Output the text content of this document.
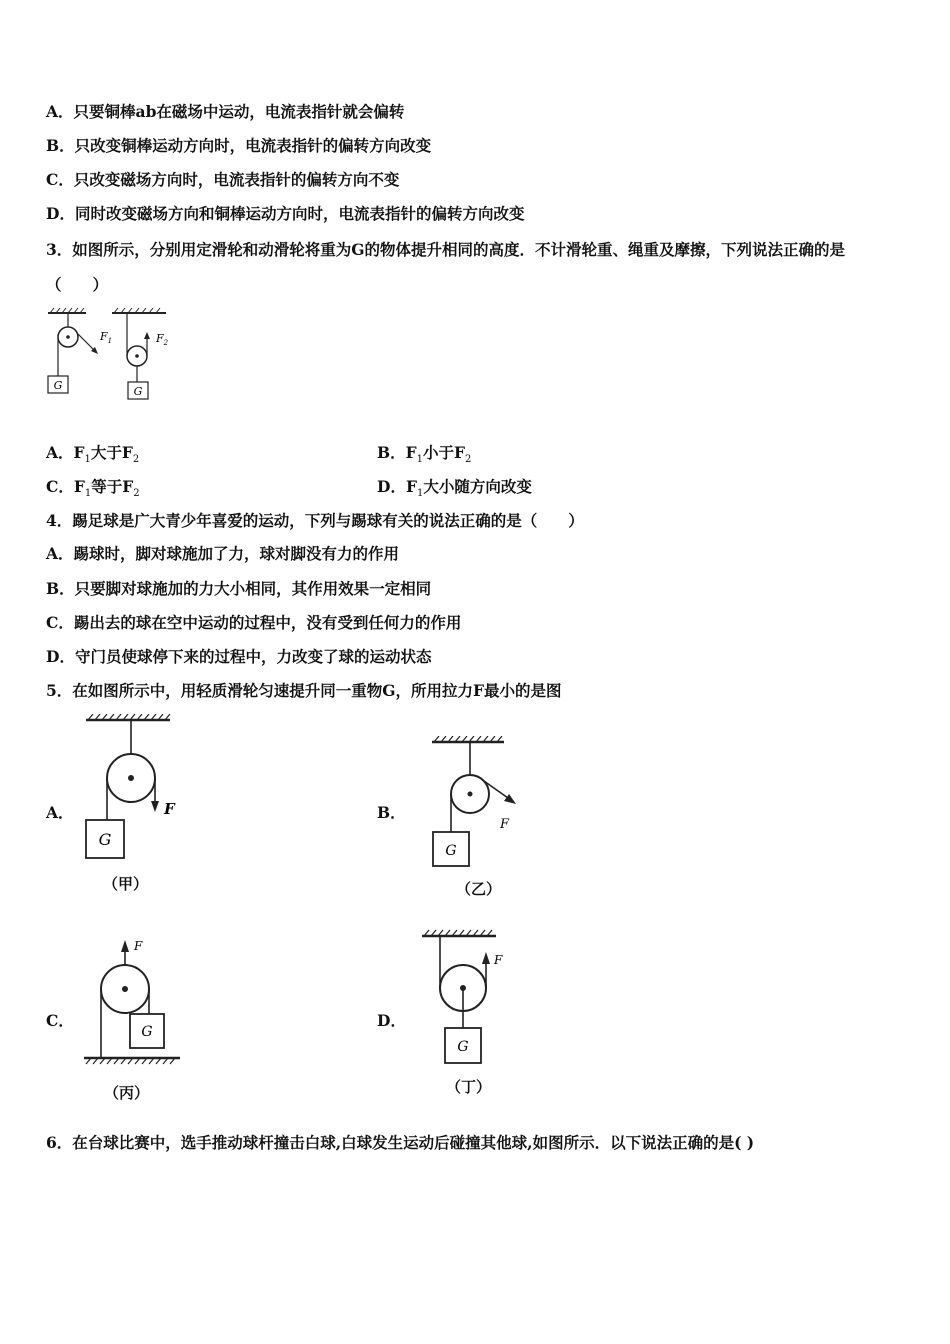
A．只要铜棒ab在磁场中运动，电流表指针就会偏转
B．只改变铜棒运动方向时，电流表指针的偏转方向改变
C．只改变磁场方向时，电流表指针的偏转方向不变
D．同时改变磁场方向和铜棒运动方向时，电流表指针的偏转方向改变
3．如图所示，分别用定滑轮和动滑轮将重为G的物体提升相同的高度．不计滑轮重、绳重及摩擦，下列说法正确的是
（　　）
$F_1$
G
$F_2$
G
A．$F_1$大于$F_2$	B．$F_1$小于$F_2$
C．$F_1$等于$F_2$	D．$F_1$大小随方向改变
4．踢足球是广大青少年喜爱的运动，下列与踢球有关的说法正确的是（　　）
A．踢球时，脚对球施加了力，球对脚没有力的作用
B．只要脚对球施加的力大小相同，其作用效果一定相同
C．踢出去的球在空中运动的过程中，没有受到任何力的作用
D．守门员使球停下来的过程中，力改变了球的运动状态
5．在如图所示中，用轻质滑轮匀速提升同一重物G，所用拉力F最小的是图
A．	F
G
（甲）
B．
F
G
（乙）
C．
F
G
（丙）
D．
F
G
（丁）
6．在台球比赛中，选手推动球杆撞击白球,白球发生运动后碰撞其他球,如图所示．以下说法正确的是( )
